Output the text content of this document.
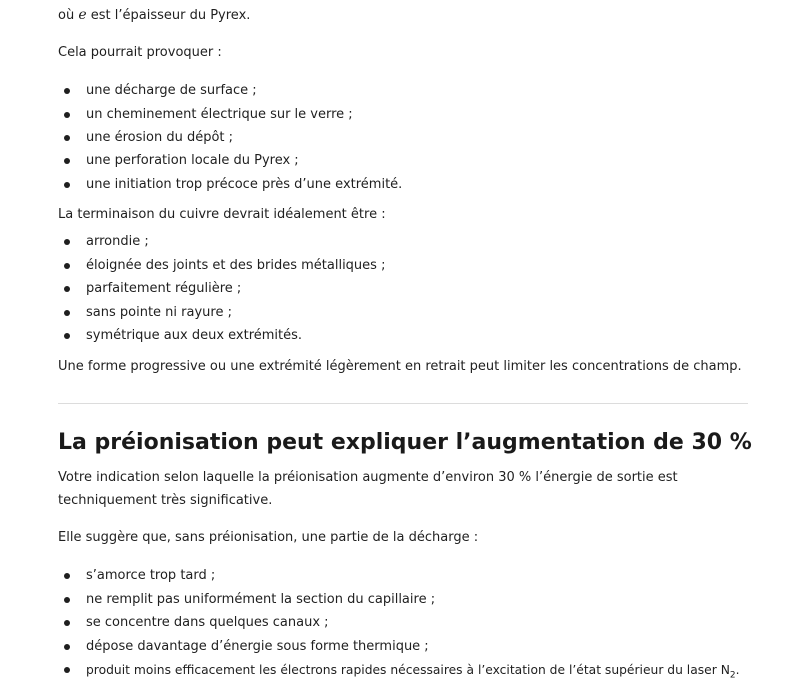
où e est l’épaisseur du Pyrex.
Cela pourrait provoquer :
une décharge de surface ;
un cheminement électrique sur le verre ;
une érosion du dépôt ;
une perforation locale du Pyrex ;
une initiation trop précoce près d’une extrémité.
La terminaison du cuivre devrait idéalement être :
arrondie ;
éloignée des joints et des brides métalliques ;
parfaitement régulière ;
sans pointe ni rayure ;
symétrique aux deux extrémités.
Une forme progressive ou une extrémité légèrement en retrait peut limiter les concentrations de champ.
La préionisation peut expliquer l’augmentation de 30 %
Votre indication selon laquelle la préionisation augmente d’environ 30 % l’énergie de sortie est
techniquement très significative.
Elle suggère que, sans préionisation, une partie de la décharge :
s’amorce trop tard ;
ne remplit pas uniformément la section du capillaire ;
se concentre dans quelques canaux ;
dépose davantage d’énergie sous forme thermique ;
produit moins efficacement les électrons rapides nécessaires à l’excitation de l’état supérieur du laser $N_2$.
